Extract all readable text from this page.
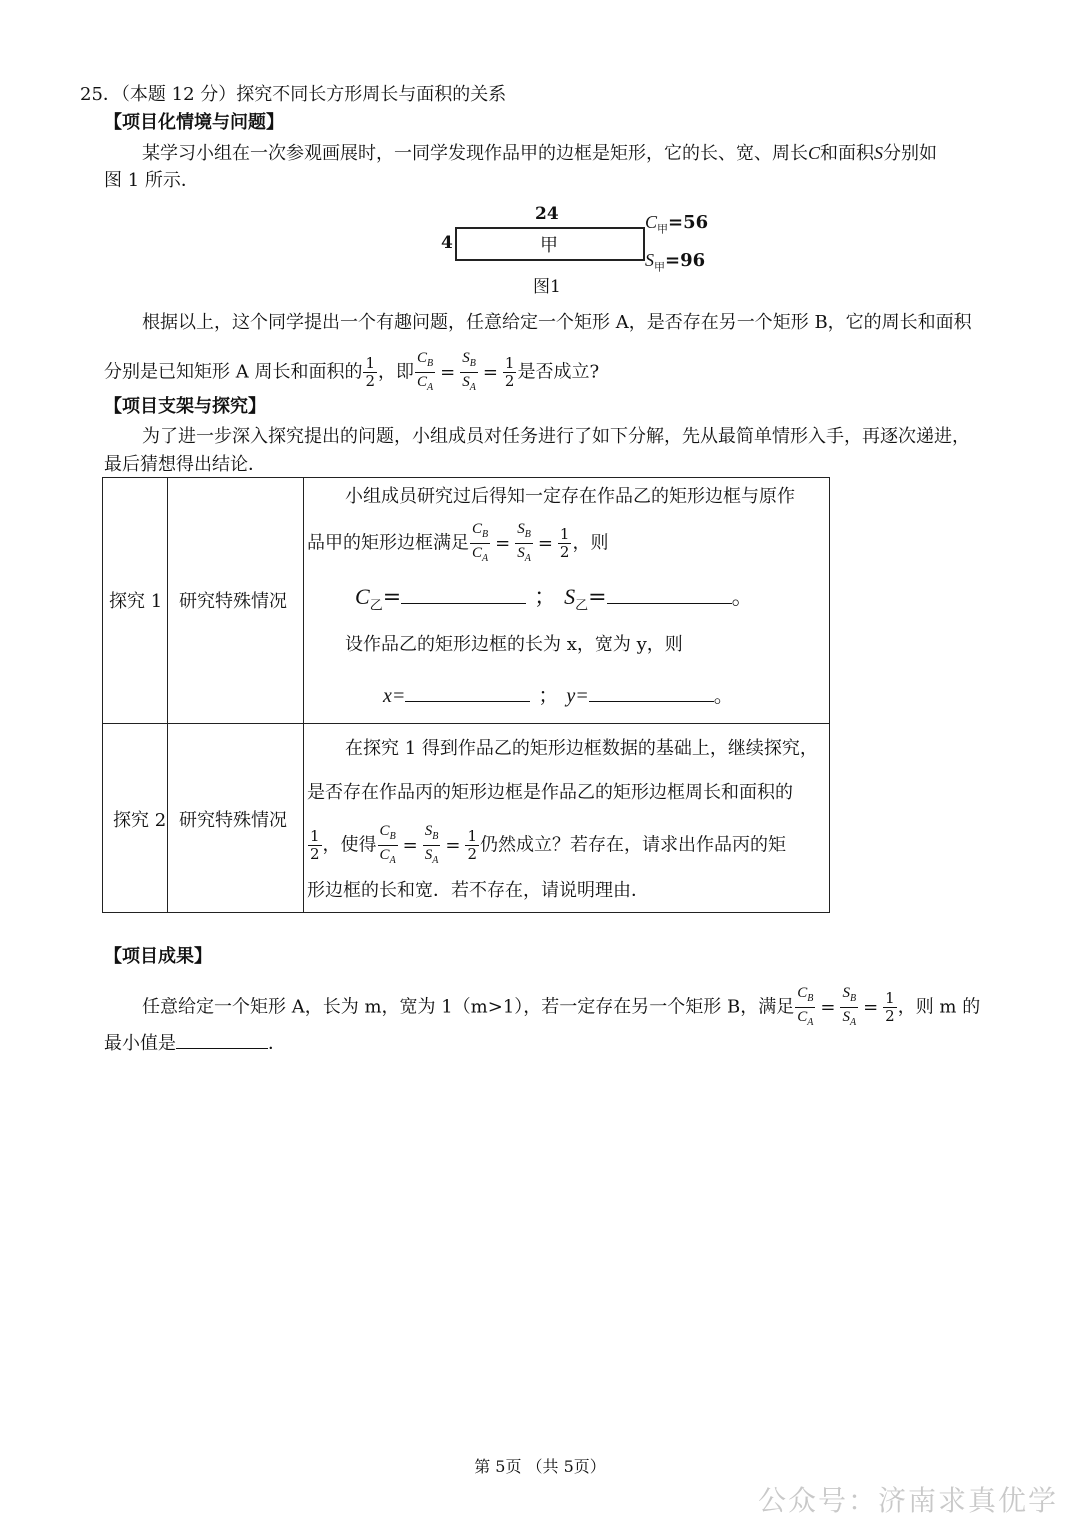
25．（本题 12 分）探究不同长方形周长与面积的关系
【项目化情境与问题】
某学习小组在一次参观画展时，一同学发现作品甲的边框是矩形，它的长、宽、周长C和面积S分别如
图 1 所示．
24
4	甲
$C_甲=56$
$S_甲=96$
图1
根据以上，这个同学提出一个有趣问题，任意给定一个矩形 A，是否存在另一个矩形 B，它的周长和面积
分别是已知矩形 A 周长和面积的 $\frac{1}{2}$ ，即 $\frac{C_B}{C_A} = \frac{S_B}{S_A} = \frac{1}{2}$ 是否成立?
【项目支架与探究】
为了进一步深入探究提出的问题，小组成员对任务进行了如下分解，先从最简单情形入手，再逐次递进，
最后猜想得出结论．
探究 1 研究特殊情况
小组成员研究过后得知一定存在作品乙的矩形边框与原作
品甲的矩形边框满足 $\frac{C_B}{C_A} = \frac{S_B}{S_A} = \frac{1}{2}$ ，则
$C_乙=$	； $S_乙=$	。
设作品乙的矩形边框的长为 x，宽为 y，则
x=	； y=	。
探究 2 研究特殊情况
在探究 1 得到作品乙的矩形边框数据的基础上，继续探究，
是否存在作品丙的矩形边框是作品乙的矩形边框周长和面积的
$\frac{1}{2}$ ，使得 $\frac{C_B}{C_A} = \frac{S_B}{S_A} = \frac{1}{2}$ 仍然成立？若存在，请求出作品丙的矩
形边框的长和宽．若不存在，请说明理由．
【项目成果】
任意给定一个矩形 A，长为 m，宽为 1（m>1），若一定存在另一个矩形 B，满足 $\frac{C_B}{C_A} = \frac{S_B}{S_A} = \frac{1}{2}$ ，则 m 的
最小值是	．
第 5页 （共 5页）
公众号：济南求真优学
